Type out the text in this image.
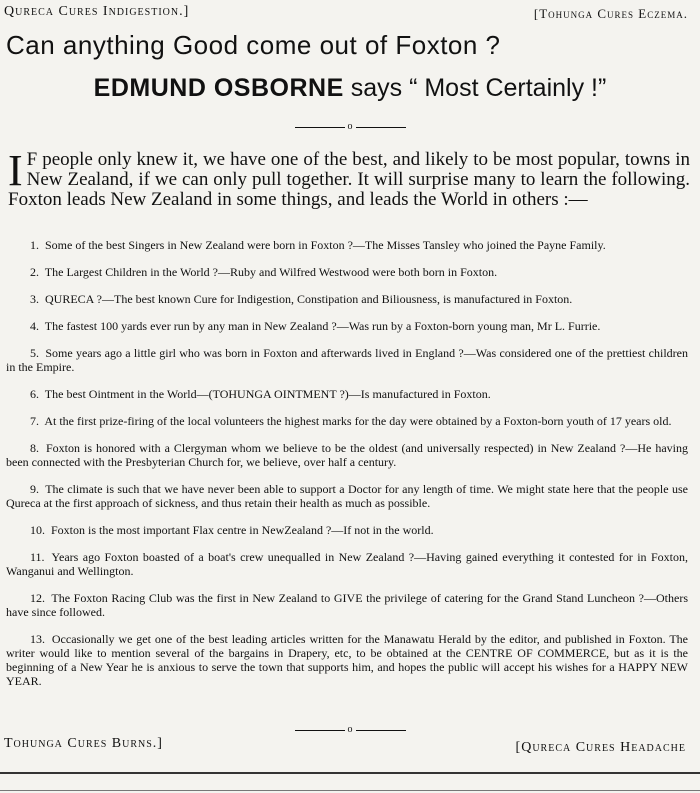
Qureca Cures Indigestion.]	[Tohunga Cures Eczema.
Can anything Good come out of Foxton ?
EDMUND OSBORNE says “ Most Certainly !”
o
I F people only knew it, we have one of the best, and likely to be most popular, towns in New Zealand, if we can only pull together. It will surprise many to learn the following. Foxton leads New Zealand in some things, and leads the World in others :—
1. Some of the best Singers in New Zealand were born in Foxton ?—The Misses Tansley who joined the Payne Family.
2. The Largest Children in the World ?—Ruby and Wilfred Westwood were both born in Foxton.
3. QURECA ?—The best known Cure for Indigestion, Constipation and Biliousness, is manufactured in Foxton.
4. The fastest 100 yards ever run by any man in New Zealand ?—Was run by a Foxton-born young man, Mr L. Furrie.
5. Some years ago a little girl who was born in Foxton and afterwards lived in England ?—Was considered one of the prettiest children in the Empire.
6. The best Ointment in the World—(TOHUNGA OINTMENT ?)—Is manufactured in Foxton.
7. At the first prize-firing of the local volunteers the highest marks for the day were obtained by a Foxton-born youth of 17 years old.
8. Foxton is honored with a Clergyman whom we believe to be the oldest (and universally respected) in New Zealand ?—He having been connected with the Presbyterian Church for, we believe, over half a century.
9. The climate is such that we have never been able to support a Doctor for any length of time. We might state here that the people use Qureca at the first approach of sickness, and thus retain their health as much as possible.
10. Foxton is the most important Flax centre in NewZealand ?—If not in the world.
11. Years ago Foxton boasted of a boat's crew unequalled in New Zealand ?—Having gained everything it contested for in Foxton, Wanganui and Wellington.
12. The Foxton Racing Club was the first in New Zealand to GIVE the privilege of catering for the Grand Stand Luncheon ?—Others have since followed.
13. Occasionally we get one of the best leading articles written for the Manawatu Herald by the editor, and published in Foxton. The writer would like to mention several of the bargains in Drapery, etc, to be obtained at the CENTRE OF COMMERCE, but as it is the beginning of a New Year he is anxious to serve the town that supports him, and hopes the public will accept his wishes for a HAPPY NEW YEAR.
o
Tohunga Cures Burns.]	[Qureca Cures Headache
